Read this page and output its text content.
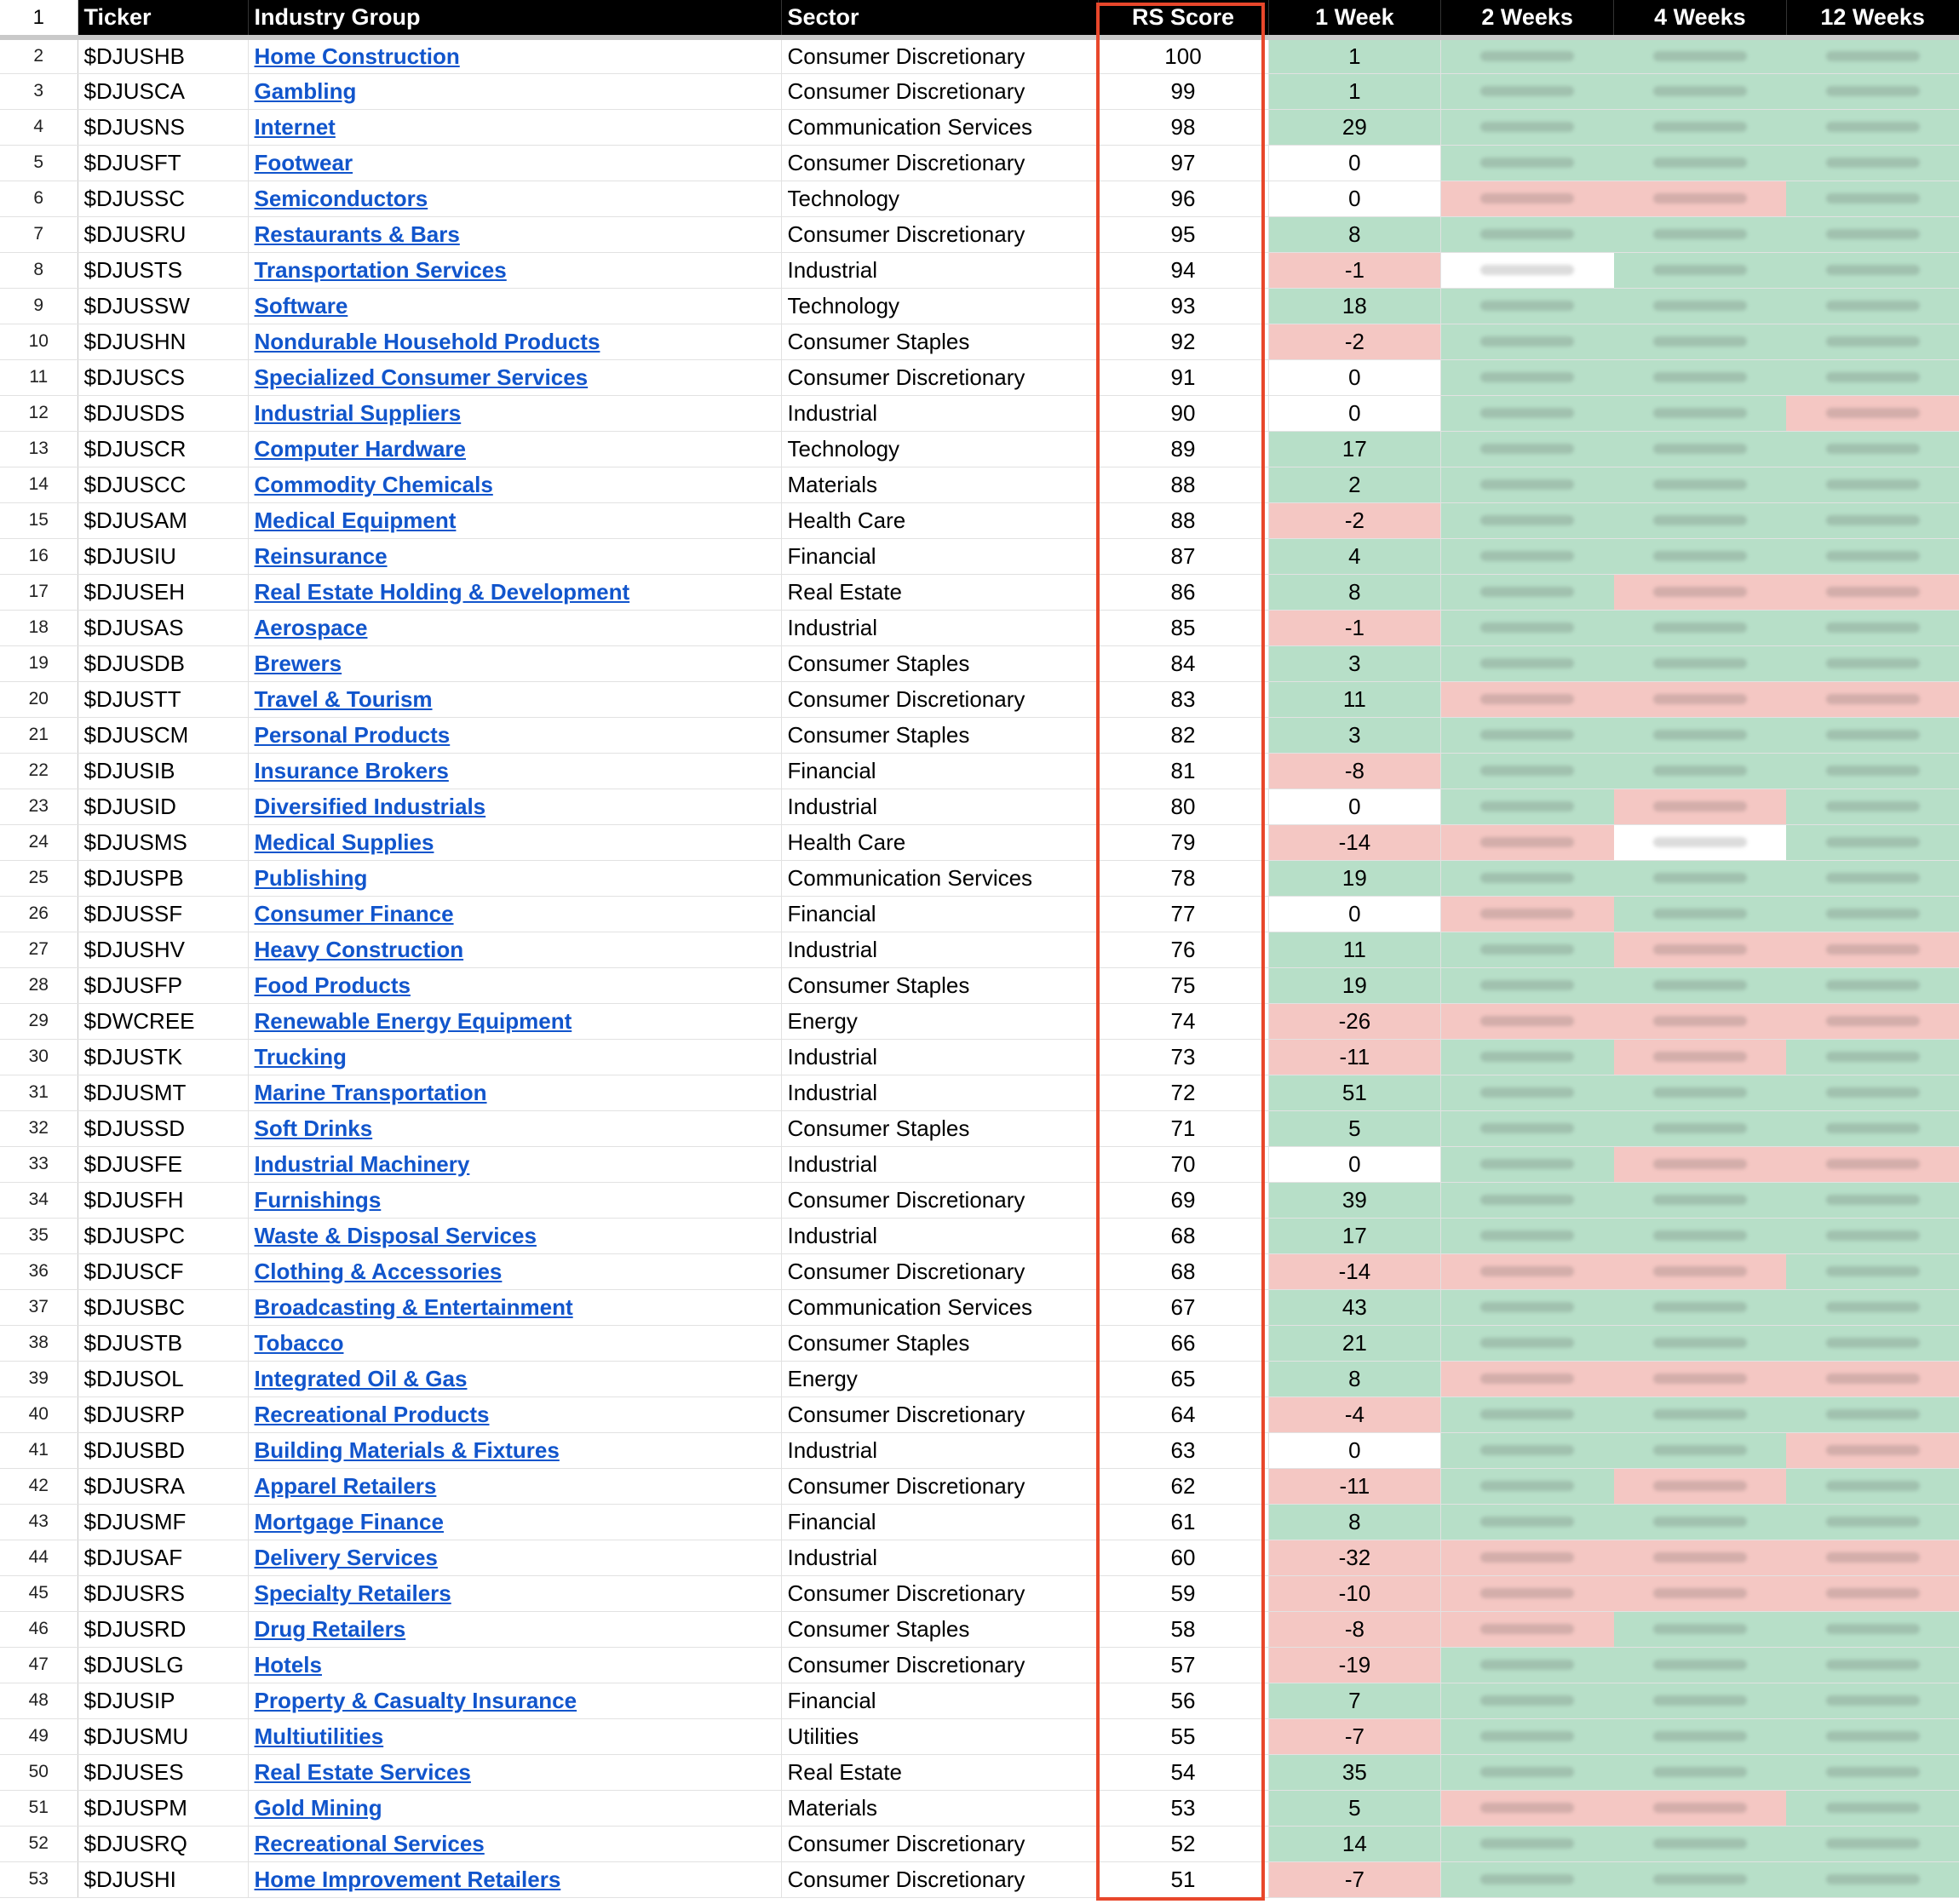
1	Ticker	Industry Group	Sector	RS Score	1 Week	2 Weeks	4 Weeks	12 Weeks
2	$DJUSHB	Home Construction	Consumer Discretionary	100	1	

3	$DJUSCA	Gambling	Consumer Discretionary	99	1	

4	$DJUSNS	Internet	Communication Services	98	29	

5	$DJUSFT	Footwear	Consumer Discretionary	97	0	

6	$DJUSSC	Semiconductors	Technology	96	0	

7	$DJUSRU	Restaurants & Bars	Consumer Discretionary	95	8	

8	$DJUSTS	Transportation Services	Industrial	94	-1	

9	$DJUSSW	Software	Technology	93	18	

10	$DJUSHN	Nondurable Household Products	Consumer Staples	92	-2	

11	$DJUSCS	Specialized Consumer Services	Consumer Discretionary	91	0	

12	$DJUSDS	Industrial Suppliers	Industrial	90	0	

13	$DJUSCR	Computer Hardware	Technology	89	17	

14	$DJUSCC	Commodity Chemicals	Materials	88	2	

15	$DJUSAM	Medical Equipment	Health Care	88	-2	

16	$DJUSIU	Reinsurance	Financial	87	4	

17	$DJUSEH	Real Estate Holding & Development	Real Estate	86	8	

18	$DJUSAS	Aerospace	Industrial	85	-1	

19	$DJUSDB	Brewers	Consumer Staples	84	3	

20	$DJUSTT	Travel & Tourism	Consumer Discretionary	83	11	

21	$DJUSCM	Personal Products	Consumer Staples	82	3	

22	$DJUSIB	Insurance Brokers	Financial	81	-8	

23	$DJUSID	Diversified Industrials	Industrial	80	0	

24	$DJUSMS	Medical Supplies	Health Care	79	-14	

25	$DJUSPB	Publishing	Communication Services	78	19	

26	$DJUSSF	Consumer Finance	Financial	77	0	

27	$DJUSHV	Heavy Construction	Industrial	76	11	

28	$DJUSFP	Food Products	Consumer Staples	75	19	

29	$DWCREE	Renewable Energy Equipment	Energy	74	-26	

30	$DJUSTK	Trucking	Industrial	73	-11	

31	$DJUSMT	Marine Transportation	Industrial	72	51	

32	$DJUSSD	Soft Drinks	Consumer Staples	71	5	

33	$DJUSFE	Industrial Machinery	Industrial	70	0	

34	$DJUSFH	Furnishings	Consumer Discretionary	69	39	

35	$DJUSPC	Waste & Disposal Services	Industrial	68	17	

36	$DJUSCF	Clothing & Accessories	Consumer Discretionary	68	-14	

37	$DJUSBC	Broadcasting & Entertainment	Communication Services	67	43	

38	$DJUSTB	Tobacco	Consumer Staples	66	21	

39	$DJUSOL	Integrated Oil & Gas	Energy	65	8	

40	$DJUSRP	Recreational Products	Consumer Discretionary	64	-4	

41	$DJUSBD	Building Materials & Fixtures	Industrial	63	0	

42	$DJUSRA	Apparel Retailers	Consumer Discretionary	62	-11	

43	$DJUSMF	Mortgage Finance	Financial	61	8	

44	$DJUSAF	Delivery Services	Industrial	60	-32	

45	$DJUSRS	Specialty Retailers	Consumer Discretionary	59	-10	

46	$DJUSRD	Drug Retailers	Consumer Staples	58	-8	

47	$DJUSLG	Hotels	Consumer Discretionary	57	-19	

48	$DJUSIP	Property & Casualty Insurance	Financial	56	7	

49	$DJUSMU	Multiutilities	Utilities	55	-7	

50	$DJUSES	Real Estate Services	Real Estate	54	35	

51	$DJUSPM	Gold Mining	Materials	53	5	

52	$DJUSRQ	Recreational Services	Consumer Discretionary	52	14	

53	$DJUSHI	Home Improvement Retailers	Consumer Discretionary	51	-7	
